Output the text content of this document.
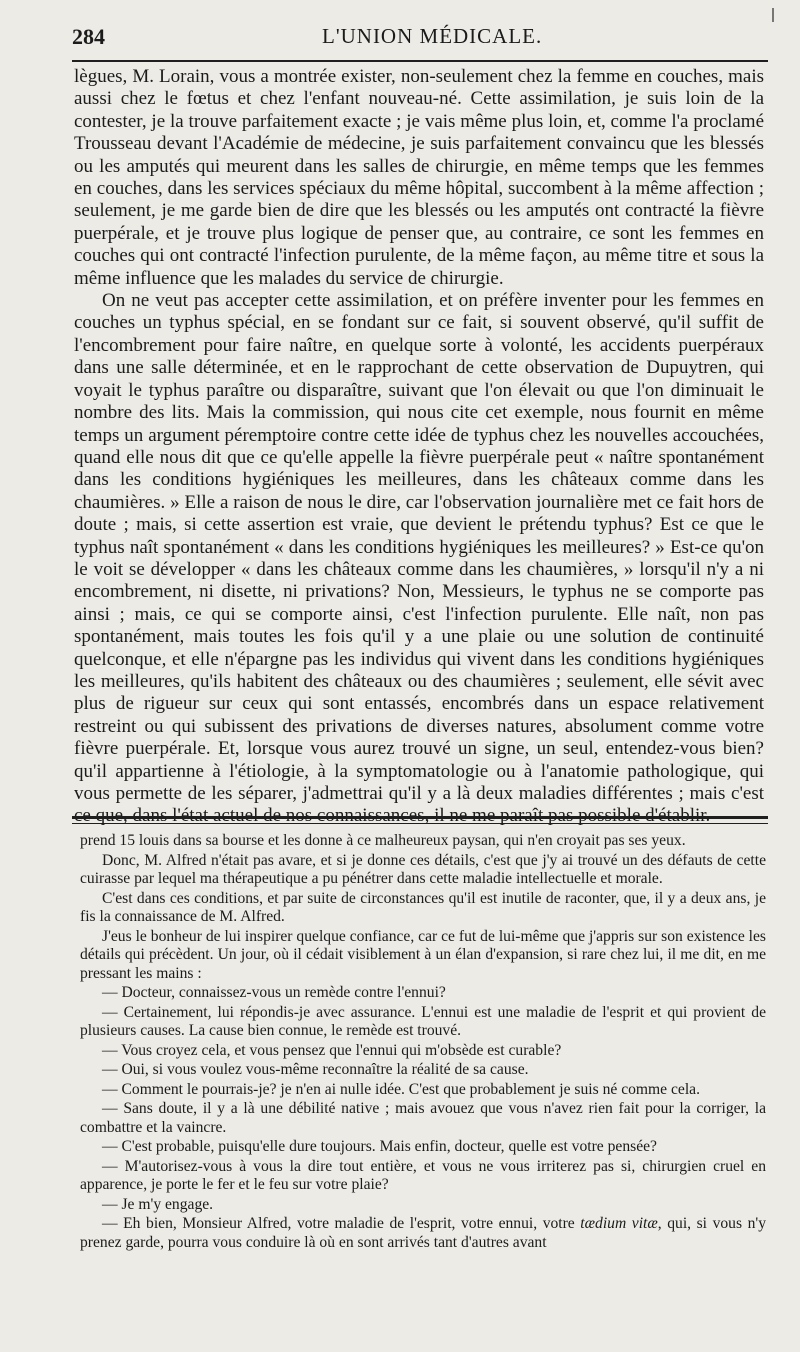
284	L'UNION MÉDICALE.

lègues, M. Lorain, vous a montrée exister, non-seulement chez la femme en couches, mais aussi chez le fœtus et chez l'enfant nouveau-né. Cette assimilation, je suis loin de la contester, je la trouve parfaitement exacte ; je vais même plus loin, et, comme l'a proclamé Trousseau devant l'Académie de médecine, je suis parfaitement convaincu que les blessés ou les amputés qui meurent dans les salles de chirurgie, en même temps que les femmes en couches, dans les services spéciaux du même hôpital, succombent à la même affection ; seulement, je me garde bien de dire que les blessés ou les amputés ont contracté la fièvre puerpérale, et je trouve plus logique de penser que, au contraire, ce sont les femmes en couches qui ont contracté l'infection purulente, de la même façon, au même titre et sous la même influence que les malades du service de chirurgie.

On ne veut pas accepter cette assimilation, et on préfère inventer pour les femmes en couches un typhus spécial, en se fondant sur ce fait, si souvent observé, qu'il suffit de l'encombrement pour faire naître, en quelque sorte à volonté, les accidents puerpéraux dans une salle déterminée, et en le rapprochant de cette observation de Dupuytren, qui voyait le typhus paraître ou disparaître, suivant que l'on élevait ou que l'on diminuait le nombre des lits. Mais la commission, qui nous cite cet exemple, nous fournit en même temps un argument péremptoire contre cette idée de typhus chez les nouvelles accouchées, quand elle nous dit que ce qu'elle appelle la fièvre puerpérale peut « naître spontanément dans les conditions hygiéniques les meilleures, dans les châteaux comme dans les chaumières. » Elle a raison de nous le dire, car l'observation journalière met ce fait hors de doute ; mais, si cette assertion est vraie, que devient le prétendu typhus? Est ce que le typhus naît spontanément « dans les conditions hygiéniques les meilleures? » Est-ce qu'on le voit se développer « dans les châteaux comme dans les chaumières, » lorsqu'il n'y a ni encombrement, ni disette, ni privations? Non, Messieurs, le typhus ne se comporte pas ainsi ; mais, ce qui se comporte ainsi, c'est l'infection purulente. Elle naît, non pas spontanément, mais toutes les fois qu'il y a une plaie ou une solution de continuité quelconque, et elle n'épargne pas les individus qui vivent dans les conditions hygiéniques les meilleures, qu'ils habitent des châteaux ou des chaumières ; seulement, elle sévit avec plus de rigueur sur ceux qui sont entassés, encombrés dans un espace relativement restreint ou qui subissent des privations de diverses natures, absolument comme votre fièvre puerpérale. Et, lorsque vous aurez trouvé un signe, un seul, entendez-vous bien? qu'il appartienne à l'étiologie, à la symptomatologie ou à l'anatomie pathologique, qui vous permette de les séparer, j'admettrai qu'il y a là deux maladies différentes ; mais c'est

prend 15 louis dans sa bourse et les donne à ce malheureux paysan, qui n'en croyait pas ses yeux.

Donc, M. Alfred n'était pas avare, et si je donne ces détails, c'est que j'y ai trouvé un des défauts de cette cuirasse par lequel ma thérapeutique a pu pénétrer dans cette maladie intellectuelle et morale.

C'est dans ces conditions, et par suite de circonstances qu'il est inutile de raconter, que, il y a deux ans, je fis la connaissance de M. Alfred.

J'eus le bonheur de lui inspirer quelque confiance, car ce fut de lui-même que j'appris sur son existence les détails qui précèdent. Un jour, où il cédait visiblement à un élan d'expansion, si rare chez lui, il me dit, en me pressant les mains :

— Docteur, connaissez-vous un remède contre l'ennui?

— Certainement, lui répondis-je avec assurance. L'ennui est une maladie de l'esprit et qui provient de plusieurs causes. La cause bien connue, le remède est trouvé.

— Vous croyez cela, et vous pensez que l'ennui qui m'obsède est curable?

— Oui, si vous voulez vous-même reconnaître la réalité de sa cause.

— Comment le pourrais-je? je n'en ai nulle idée. C'est que probablement je suis né comme cela.

— Sans doute, il y a là une débilité native ; mais avouez que vous n'avez rien fait pour la corriger, la combattre et la vaincre.

— C'est probable, puisqu'elle dure toujours. Mais enfin, docteur, quelle est votre pensée?

— M'autorisez-vous à vous la dire tout entière, et vous ne vous irriterez pas si, chirurgien cruel en apparence, je porte le fer et le feu sur votre plaie?

— Je m'y engage.

— Eh bien, Monsieur Alfred, votre maladie de l'esprit, votre ennui, votre tædium vitæ, qui, si vous n'y prenez garde, pourra vous conduire là où en sont arrivés tant d'autres avant
